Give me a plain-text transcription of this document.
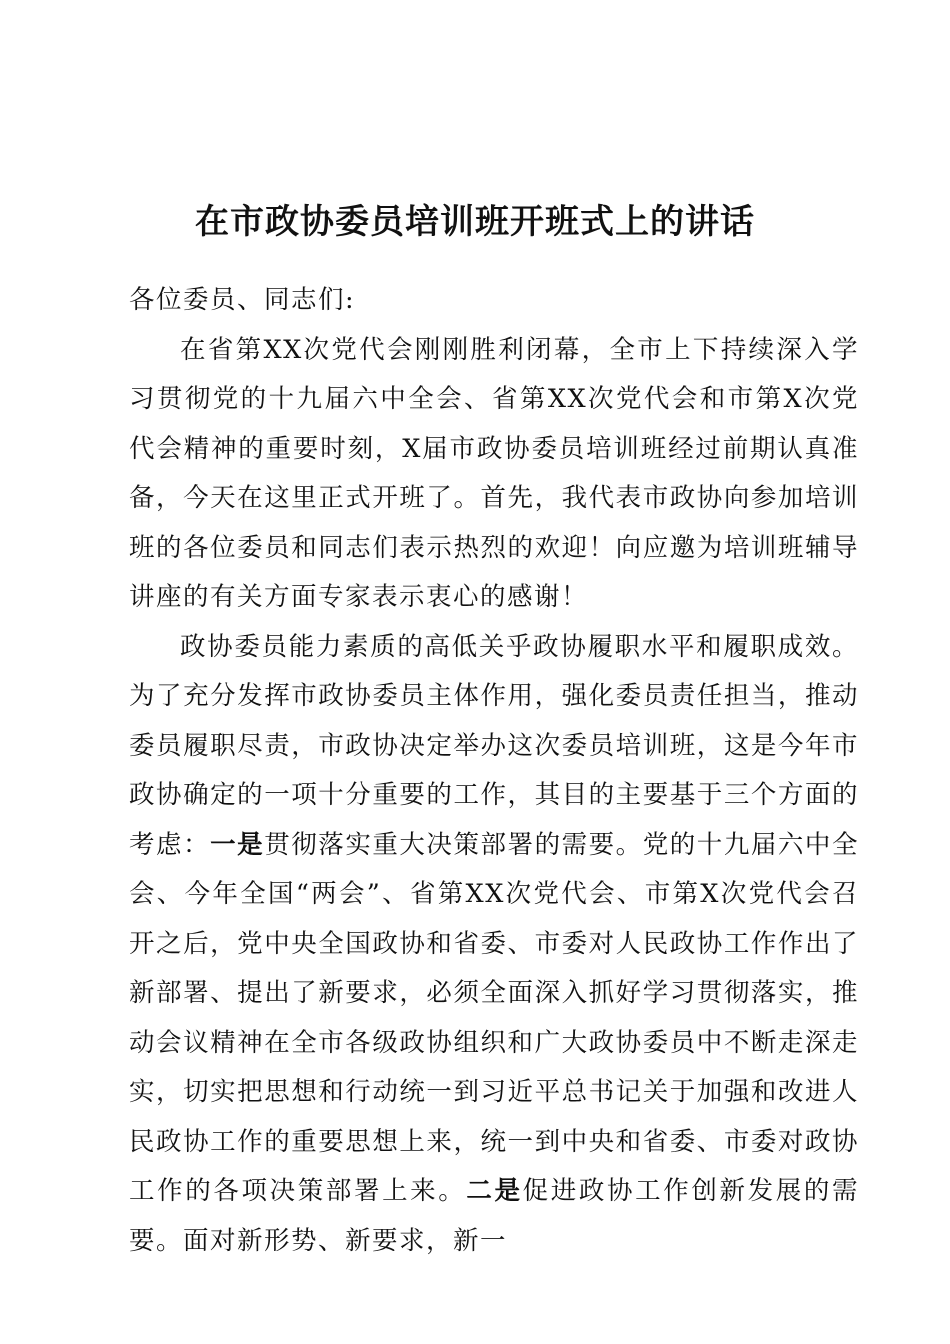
在市政协委员培训班开班式上的讲话

各位委员、同志们:

在省第XX次党代会刚刚胜利闭幕，全市上下持续深入学习贯彻党的十九届六中全会、省第XX次党代会和市第X次党代会精神的重要时刻，X届市政协委员培训班经过前期认真准备，今天在这里正式开班了。首先，我代表市政协向参加培训班的各位委员和同志们表示热烈的欢迎！向应邀为培训班辅导讲座的有关方面专家表示衷心的感谢！

政协委员能力素质的高低关乎政协履职水平和履职成效。为了充分发挥市政协委员主体作用，强化委员责任担当，推动委员履职尽责，市政协决定举办这次委员培训班，这是今年市政协确定的一项十分重要的工作，其目的主要基于三个方面的考虑：一是贯彻落实重大决策部署的需要。党的十九届六中全会、今年全国“两会”、省第XX次党代会、市第X次党代会召开之后，党中央全国政协和省委、市委对人民政协工作作出了新部署、提出了新要求，必须全面深入抓好学习贯彻落实，推动会议精神在全市各级政协组织和广大政协委员中不断走深走实，切实把思想和行动统一到习近平总书记关于加强和改进人民政协工作的重要思想上来，统一到中央和省委、市委对政协工作的各项决策部署上来。二是促进政协工作创新发展的需要。面对新形势、新要求，新一
